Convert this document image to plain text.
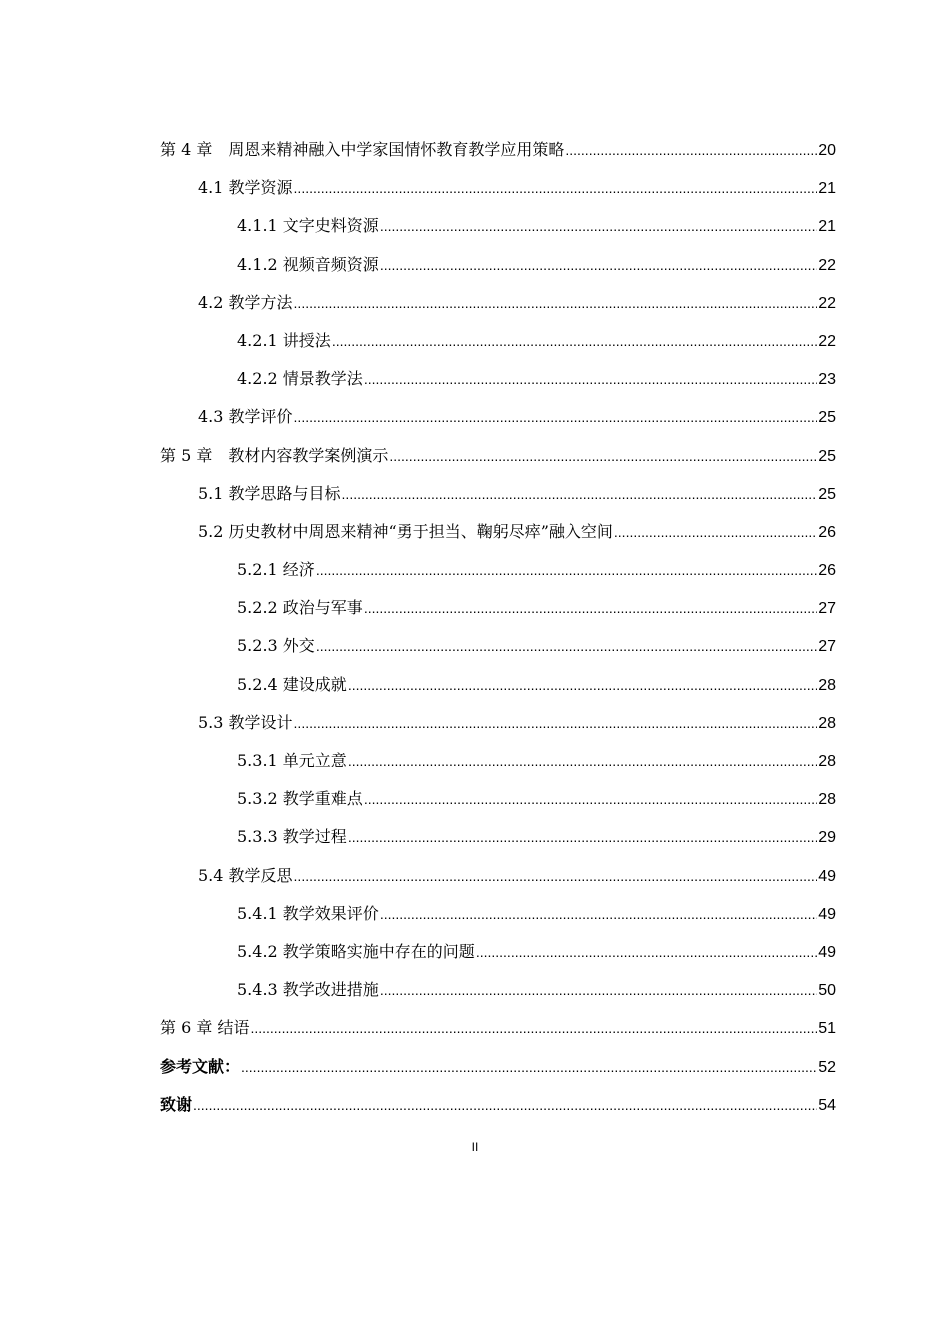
第 4 章　周恩来精神融入中学家国情怀教育教学应用策略 .....	20
4.1 教学资源 .....	21
4.1.1 文字史料资源 .....	21
4.1.2 视频音频资源 .....	22
4.2 教学方法 .....	22
4.2.1 讲授法 .....	22
4.2.2 情景教学法 .....	23
4.3 教学评价 .....	25
第 5 章　教材内容教学案例演示 .....	25
5.1 教学思路与目标 .....	25
5.2 历史教材中周恩来精神“勇于担当、鞠躬尽瘁”融入空间 .....	26
5.2.1 经济 .....	26
5.2.2 政治与军事 .....	27
5.2.3 外交 .....	27
5.2.4 建设成就 .....	28
5.3 教学设计 .....	28
5.3.1 单元立意 .....	28
5.3.2 教学重难点 .....	28
5.3.3 教学过程 .....	29
5.4 教学反思 .....	49
5.4.1 教学效果评价 .....	49
5.4.2 教学策略实施中存在的问题 .....	49
5.4.3 教学改进措施 .....	50
第 6 章 结语 .....	51
参考文献： .....	52
致谢 .....	54
II
